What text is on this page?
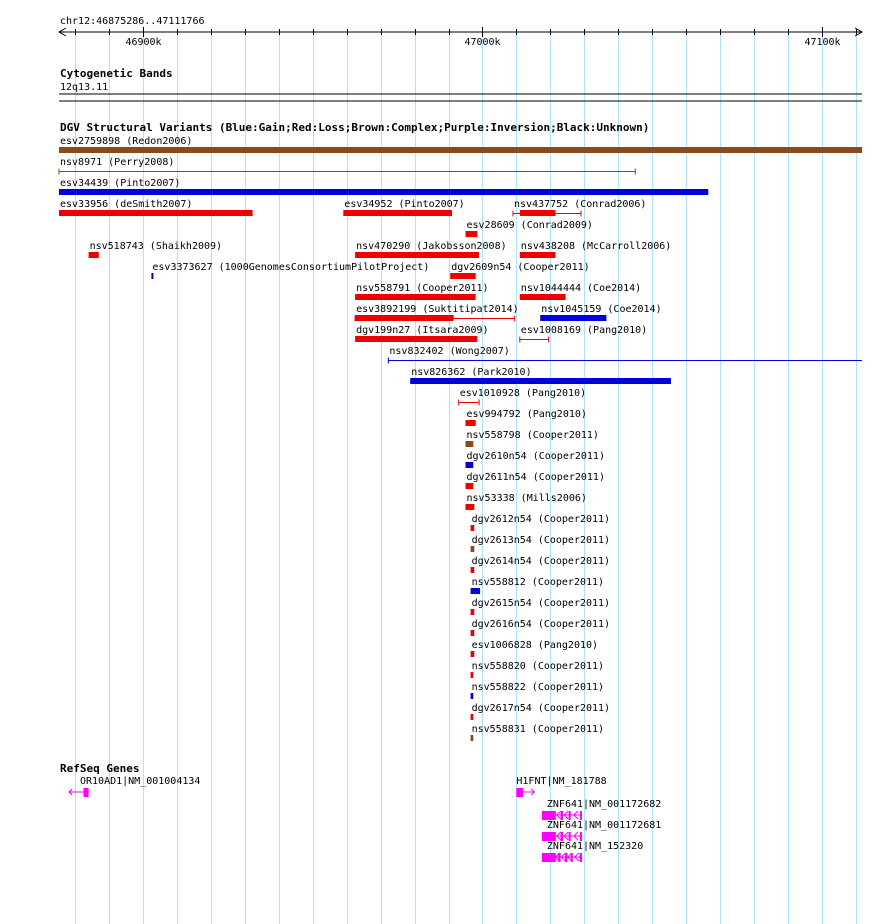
chr12:46875286..47111766
46900k	47000k	47100k
Cytogenetic Bands
12q13.11
DGV Structural Variants (Blue:Gain;Red:Loss;Brown:Complex;Purple:Inversion;Black:Unknown)
esv2759898 (Redon2006)
nsv8971 (Perry2008)
esv34439 (Pinto2007)
esv33956 (deSmith2007)	esv34952 (Pinto2007)
esv28609 (Conrad2009)
nsv518743 (Shaikh2009)	nsv470290 (Jakobsson2008)
nsv437752 (Conrad2006)
esv3373627 (1000GenomesConsortiumPilotProject) dgv2609n54 (Cooper2011)
nsv558791 (Cooper2011)
nsv438208 (McCarroll2006)
esv3892199 (Suktitipat2014)
nsv1044444 (Coe2014)
dgv199n27 (Itsara2009)	esv1008169 (Pang2010)
nsv832402 (Wong2007)
nsv826362 (Park2010)
esv1010928 (Pang2010)
esv994792 (Pang2010)
nsv558798 (Cooper2011)
dgv2610n54 (Cooper2011)
dgv2611n54 (Cooper2011)
nsv53338 (Mills2006)
dgv2612n54 (Cooper2011)
dgv2613n54 (Cooper2011)
dgv2614n54 (Cooper2011)
nsv558812 (Cooper2011)
dgv2615n54 (Cooper2011)
dgv2616n54 (Cooper2011)
esv1006828 (Pang2010)
nsv558820 (Cooper2011)
nsv558822 (Cooper2011)
dgv2617n54 (Cooper2011)
nsv558831 (Cooper2011)
nsv1045159 (Coe2014)
RefSeq Genes
OR10AD1|NM_001004134	H1FNT|NM_181788
ZNF641|NM_001172682
ZNF641|NM_001172681
ZNF641|NM_152320
